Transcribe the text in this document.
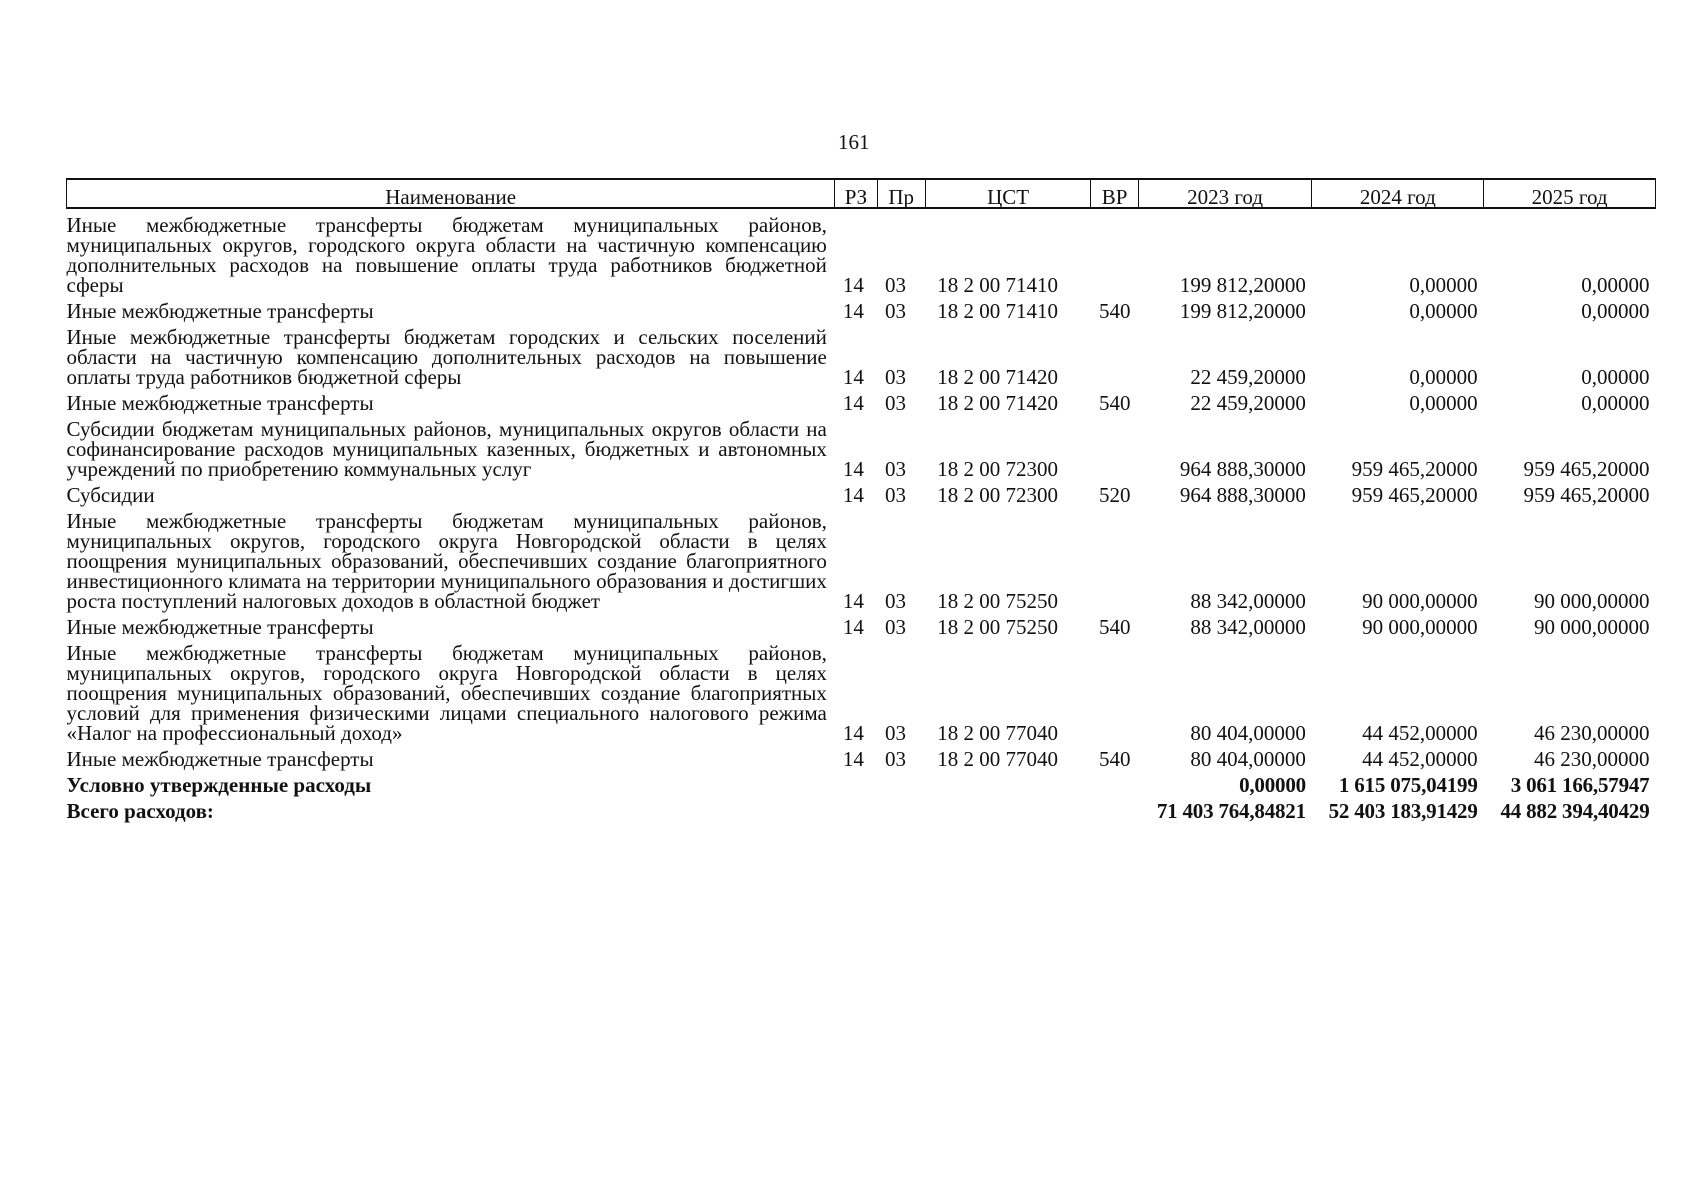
161
Наименование	РЗ	Пр	ЦСТ	ВР	2023 год	2024 год	2025 год
Иные межбюджетные трансферты бюджетам муниципальных районов, муниципальных округов, городского округа области на частичную компенсацию дополнительных расходов на повышение оплаты труда работников бюджетной сферы	14	03	18 2 00 71410		199 812,20000	0,00000	0,00000
Иные межбюджетные трансферты	14	03	18 2 00 71410	540	199 812,20000	0,00000	0,00000
Иные межбюджетные трансферты бюджетам городских и сельских поселений области на частичную компенсацию дополнительных расходов на повышение оплаты труда работников бюджетной сферы	14	03	18 2 00 71420		22 459,20000	0,00000	0,00000
Иные межбюджетные трансферты	14	03	18 2 00 71420	540	22 459,20000	0,00000	0,00000
Субсидии бюджетам муниципальных районов, муниципальных округов области на софинансирование расходов муниципальных казенных, бюджетных и автономных учреждений по приобретению коммунальных услуг	14	03	18 2 00 72300		964 888,30000	959 465,20000	959 465,20000
Субсидии	14	03	18 2 00 72300	520	964 888,30000	959 465,20000	959 465,20000
Иные межбюджетные трансферты бюджетам муниципальных районов, муниципальных округов, городского округа Новгородской области в целях поощрения муниципальных образований, обеспечивших создание благоприятного инвестиционного климата на территории муниципального образования и достигших роста поступлений налоговых доходов в областной бюджет	14	03	18 2 00 75250		88 342,00000	90 000,00000	90 000,00000
Иные межбюджетные трансферты	14	03	18 2 00 75250	540	88 342,00000	90 000,00000	90 000,00000
Иные межбюджетные трансферты бюджетам муниципальных районов, муниципальных округов, городского округа Новгородской области в целях поощрения муниципальных образований, обеспечивших создание благоприятных условий для применения физическими лицами специального налогового режима «Налог на профессиональный доход»	14	03	18 2 00 77040		80 404,00000	44 452,00000	46 230,00000
Иные межбюджетные трансферты	14	03	18 2 00 77040	540	80 404,00000	44 452,00000	46 230,00000
Условно утвержденные расходы					0,00000	1 615 075,04199	3 061 166,57947
Всего расходов:					71 403 764,84821	52 403 183,91429	44 882 394,40429
